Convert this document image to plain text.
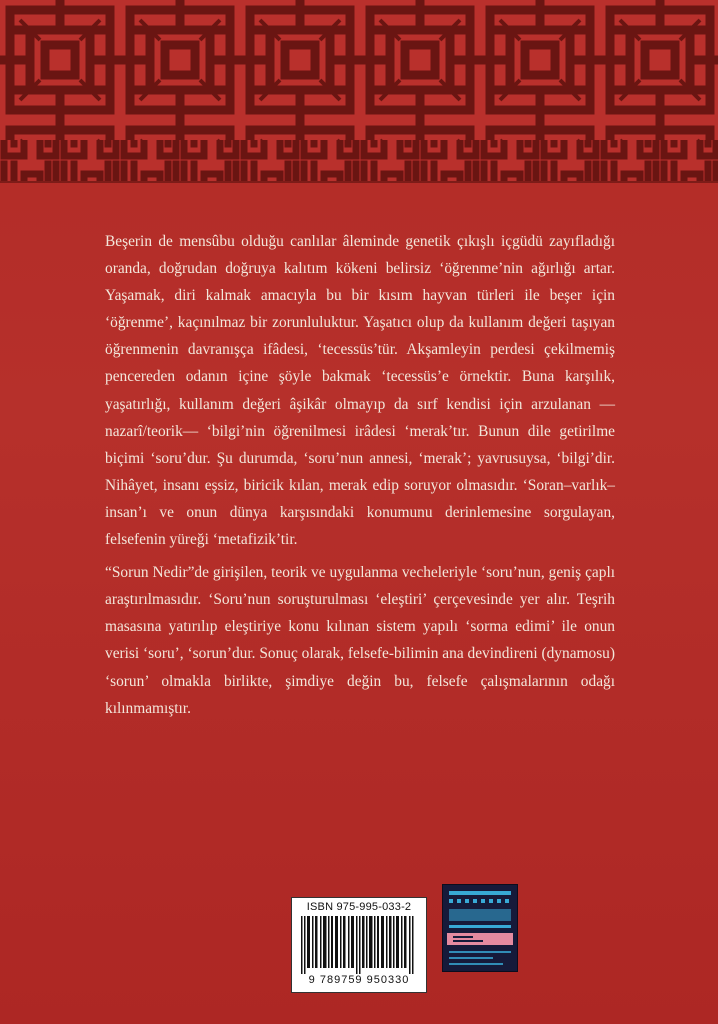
Beşerin de mensûbu olduğu canlılar âleminde genetik çıkışlı içgüdü zayıfladığı oranda, doğrudan doğruya kalıtım kökeni belirsiz ‘öğrenme’nin ağırlığı artar. Yaşamak, diri kalmak amacıyla bu bir kısım hayvan türleri ile beşer için ‘öğrenme’, kaçınılmaz bir zorunluluktur. Yaşatıcı olup da kullanım değeri taşıyan öğrenmenin davranışça ifâdesi, ‘tecessüs’tür. Akşamleyin perdesi çekilmemiş pencereden odanın içine şöyle bakmak ‘tecessüs’e örnektir. Buna karşılık, yaşatırlığı, kullanım değeri âşikâr olmayıp da sırf kendisi için arzulanan —nazarî/teorik— ‘bilgi’nin öğrenilmesi irâdesi ‘merak’tır. Bunun dile getirilme biçimi ‘soru’dur. Şu durumda, ‘soru’nun annesi, ‘merak’; yavrusuysa, ‘bilgi’dir. Nihâyet, insanı eşsiz, biricik kılan, merak edip soruyor olmasıdır. ‘Soran–varlık–insan’ı ve onun dünya karşısındaki konumunu derinlemesine sorgulayan, felsefenin yüreği ‘metafizik’tir.

“Sorun Nedir”de girişilen, teorik ve uygulanma vecheleriyle ‘soru’nun, geniş çaplı araştırılmasıdır. ‘Soru’nun soruşturulması ‘eleştiri’ çerçevesinde yer alır. Teşrih masasına yatırılıp eleştiriye konu kılınan sistem yapılı ‘sorma edimi’ ile onun verisi ‘soru’, ‘sorun’dur. Sonuç olarak, felsefe-bilimin ana devindireni (dynamosu) ‘sorun’ olmakla birlikte, şimdiye değin bu, felsefe çalışmalarının odağı kılınmamıştır.

ISBN 975-995-033-2
9 789759 950330
